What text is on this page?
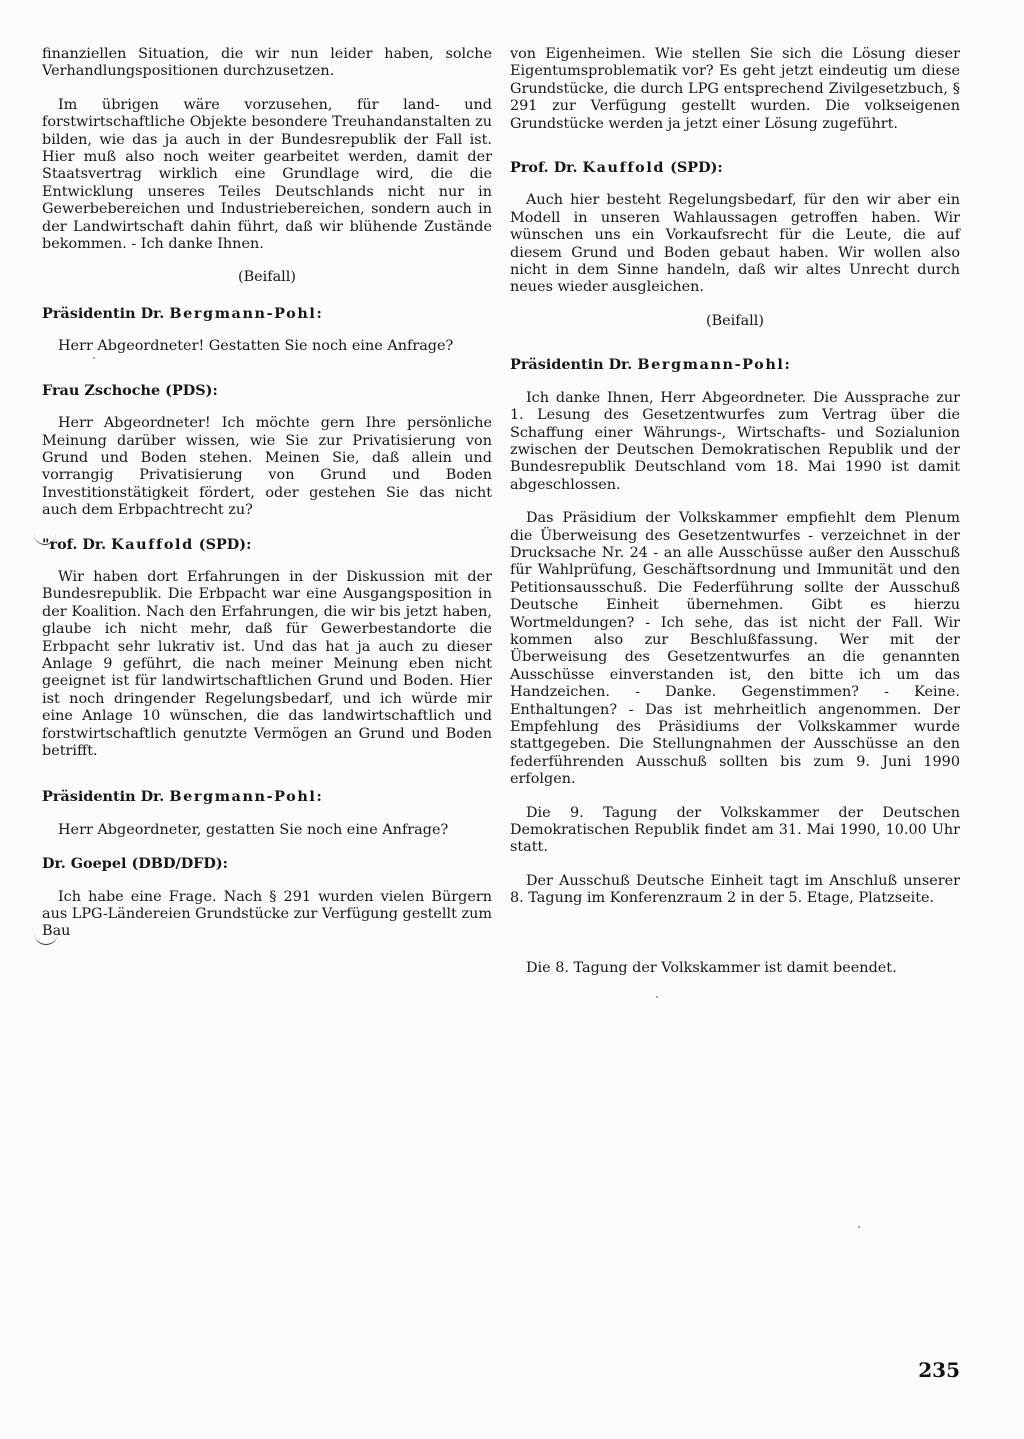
finanziellen Situation, die wir nun leider haben, solche Verhandlungspositionen durchzusetzen.

Im übrigen wäre vorzusehen, für land- und forstwirtschaftliche Objekte besondere Treuhandanstalten zu bilden, wie das ja auch in der Bundesrepublik der Fall ist. Hier muß also noch weiter gearbeitet werden, damit der Staatsvertrag wirklich eine Grundlage wird, die die Entwicklung unseres Teiles Deutschlands nicht nur in Gewerbebereichen und Industriebereichen, sondern auch in der Landwirtschaft dahin führt, daß wir blühende Zustände bekommen. - Ich danke Ihnen.

(Beifall)

Präsidentin Dr. Bergmann-Pohl:

Herr Abgeordneter! Gestatten Sie noch eine Anfrage?

Frau Zschoche (PDS):

Herr Abgeordneter! Ich möchte gern Ihre persönliche Meinung darüber wissen, wie Sie zur Privatisierung von Grund und Boden stehen. Meinen Sie, daß allein und vorrangig Privatisierung von Grund und Boden Investitionstätigkeit fördert, oder gestehen Sie das nicht auch dem Erbpachtrecht zu?

"rof. Dr. Kauffold (SPD):

Wir haben dort Erfahrungen in der Diskussion mit der Bundesrepublik. Die Erbpacht war eine Ausgangsposition in der Koalition. Nach den Erfahrungen, die wir bis jetzt haben, glaube ich nicht mehr, daß für Gewerbestandorte die Erbpacht sehr lukrativ ist. Und das hat ja auch zu dieser Anlage 9 geführt, die nach meiner Meinung eben nicht geeignet ist für landwirtschaftlichen Grund und Boden. Hier ist noch dringender Regelungsbedarf, und ich würde mir eine Anlage 10 wünschen, die das landwirtschaftlich und forstwirtschaftlich genutzte Vermögen an Grund und Boden betrifft.

Präsidentin Dr. Bergmann-Pohl:

Herr Abgeordneter, gestatten Sie noch eine Anfrage?

Dr. Goepel (DBD/DFD):

Ich habe eine Frage. Nach § 291 wurden vielen Bürgern aus LPG-Ländereien Grundstücke zur Verfügung gestellt zum Bau

von Eigenheimen. Wie stellen Sie sich die Lösung dieser Eigentumsproblematik vor? Es geht jetzt eindeutig um diese Grundstücke, die durch LPG entsprechend Zivilgesetzbuch, § 291 zur Verfügung gestellt wurden. Die volkseigenen Grundstücke werden ja jetzt einer Lösung zugeführt.

Prof. Dr. Kauffold (SPD):

Auch hier besteht Regelungsbedarf, für den wir aber ein Modell in unseren Wahlaussagen getroffen haben. Wir wünschen uns ein Vorkaufsrecht für die Leute, die auf diesem Grund und Boden gebaut haben. Wir wollen also nicht in dem Sinne handeln, daß wir altes Unrecht durch neues wieder ausgleichen.

(Beifall)

Präsidentin Dr. Bergmann-Pohl:

Ich danke Ihnen, Herr Abgeordneter. Die Aussprache zur 1. Lesung des Gesetzentwurfes zum Vertrag über die Schaffung einer Währungs-, Wirtschafts- und Sozialunion zwischen der Deutschen Demokratischen Republik und der Bundesrepublik Deutschland vom 18. Mai 1990 ist damit abgeschlossen.

Das Präsidium der Volkskammer empfiehlt dem Plenum die Überweisung des Gesetzentwurfes - verzeichnet in der Drucksache Nr. 24 - an alle Ausschüsse außer den Ausschuß für Wahlprüfung, Geschäftsordnung und Immunität und den Petitionsausschuß. Die Federführung sollte der Ausschuß Deutsche Einheit übernehmen. Gibt es hierzu Wortmeldungen? - Ich sehe, das ist nicht der Fall. Wir kommen also zur Beschlußfassung. Wer mit der Überweisung des Gesetzentwurfes an die genannten Ausschüsse einverstanden ist, den bitte ich um das Handzeichen. - Danke. Gegenstimmen? - Keine. Enthaltungen? - Das ist mehrheitlich angenommen. Der Empfehlung des Präsidiums der Volkskammer wurde stattgegeben. Die Stellungnahmen der Ausschüsse an den federführenden Ausschuß sollten bis zum 9. Juni 1990 erfolgen.

Die 9. Tagung der Volkskammer der Deutschen Demokratischen Republik findet am 31. Mai 1990, 10.00 Uhr statt.

Der Ausschuß Deutsche Einheit tagt im Anschluß unserer 8. Tagung im Konferenzraum 2 in der 5. Etage, Platzseite.

Die 8. Tagung der Volkskammer ist damit beendet.

235
